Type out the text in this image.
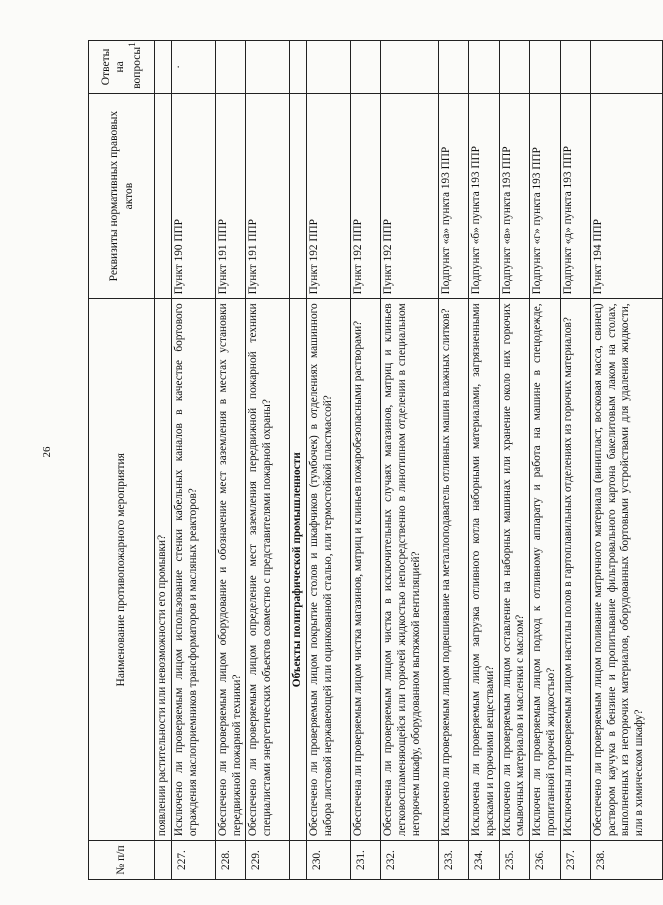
26
№ п/п	Наименование противопожарного мероприятия	Реквизиты нормативных правовых актов	Ответы на вопросы$^1$
	появлении растительности или невозможности его промывки?		
227.	Исключено ли проверяемым лицом использование стенки кабельных каналов в качестве бортового ограждения маслоприемников трансформаторов и масляных реакторов?	Пункт 190 ППР	·
228.	Обеспечено ли проверяемым лицом оборудование и обозначение мест заземления в местах установки передвижной пожарной техники?	Пункт 191 ППР	
229.	Обеспечено ли проверяемым лицом определение мест заземления передвижной пожарной техники специалистами энергетических объектов совместно с представителями пожарной охраны?	Пункт 191 ППР	
	Объекты полиграфической промышленности		
230.	Обеспечено ли проверяемым лицом покрытие столов и шкафчиков (тумбочек) в отделениях машинного набора листовой нержавеющей или оцинкованной сталью, или термостойкой пластмассой?	Пункт 192 ППР	
231.	Обеспечена ли проверяемым лицом чистка магазинов, матриц и клиньев пожаробезопасными растворами?	Пункт 192 ППР	
232.	Обеспечена ли проверяемым лицом чистка в исключительных случаях магазинов, матриц и клиньев легковоспламеняющейся или горючей жидкостью непосредственно в линотипном отделении в специальном негорючем шкафу, оборудованном вытяжкой вентиляцией?	Пункт 192 ППР	
233.	Исключено ли проверяемым лицом подвешивание на металлоподаватель отливных машин влажных слитков?	Подпункт «а» пункта 193 ППР	
234.	Исключена ли проверяемым лицом загрузка отливного котла наборными материалами, загрязненными красками и горючими веществами?	Подпункт «б» пункта 193 ППР	
235.	Исключено ли проверяемым лицом оставление на наборных машинах или хранение около них горючих смывочных материалов и масленки с маслом?	Подпункт «в» пункта 193 ППР	
236.	Исключен ли проверяемым лицом подход к отливному аппарату и работа на машине в спецодежде, пропитанной горючей жидкостью?	Подпункт «г» пункта 193 ППР	
237.	Исключены ли проверяемым лицом настилы полов в гартоплавильных отделениях из горючих материалов?	Подпункт «д» пункта 193 ППР	
238.	Обеспечено ли проверяемым лицом поливание матричного материала (винипласт, восковая масса, свинец) раствором каучука в бензине и пропитывание фильтровального картона бакелитовым лаком на столах, выполненных из негорючих материалов, оборудованных бортовыми устройствами для удаления жидкости, или в химическом шкафу?	Пункт 194 ППР	
